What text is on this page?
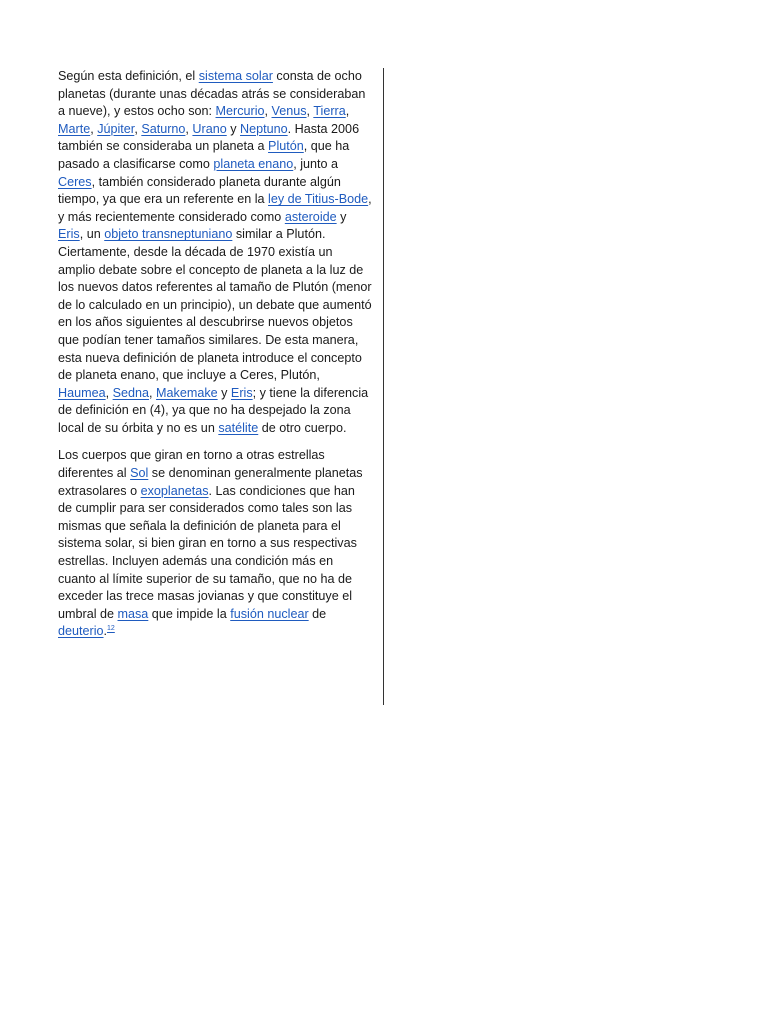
Según esta definición, el sistema solar consta de ocho planetas (durante unas décadas atrás se consideraban a nueve), y estos ocho son: Mercurio, Venus, Tierra, Marte, Júpiter, Saturno, Urano y Neptuno. Hasta 2006 también se consideraba un planeta a Plutón, que ha pasado a clasificarse como planeta enano, junto a Ceres, también considerado planeta durante algún tiempo, ya que era un referente en la ley de Titius-Bode, y más recientemente considerado como asteroide y Eris, un objeto transneptuniano similar a Plutón. Ciertamente, desde la década de 1970 existía un amplio debate sobre el concepto de planeta a la luz de los nuevos datos referentes al tamaño de Plutón (menor de lo calculado en un principio), un debate que aumentó en los años siguientes al descubrirse nuevos objetos que podían tener tamaños similares. De esta manera, esta nueva definición de planeta introduce el concepto de planeta enano, que incluye a Ceres, Plutón, Haumea, Sedna, Makemake y Eris; y tiene la diferencia de definición en (4), ya que no ha despejado la zona local de su órbita y no es un satélite de otro cuerpo.

Los cuerpos que giran en torno a otras estrellas diferentes al Sol se denominan generalmente planetas extrasolares o exoplanetas. Las condiciones que han de cumplir para ser considerados como tales son las mismas que señala la definición de planeta para el sistema solar, si bien giran en torno a sus respectivas estrellas. Incluyen además una condición más en cuanto al límite superior de su tamaño, que no ha de exceder las trece masas jovianas y que constituye el umbral de masa que impide la fusión nuclear de deuterio.$^{12}$
